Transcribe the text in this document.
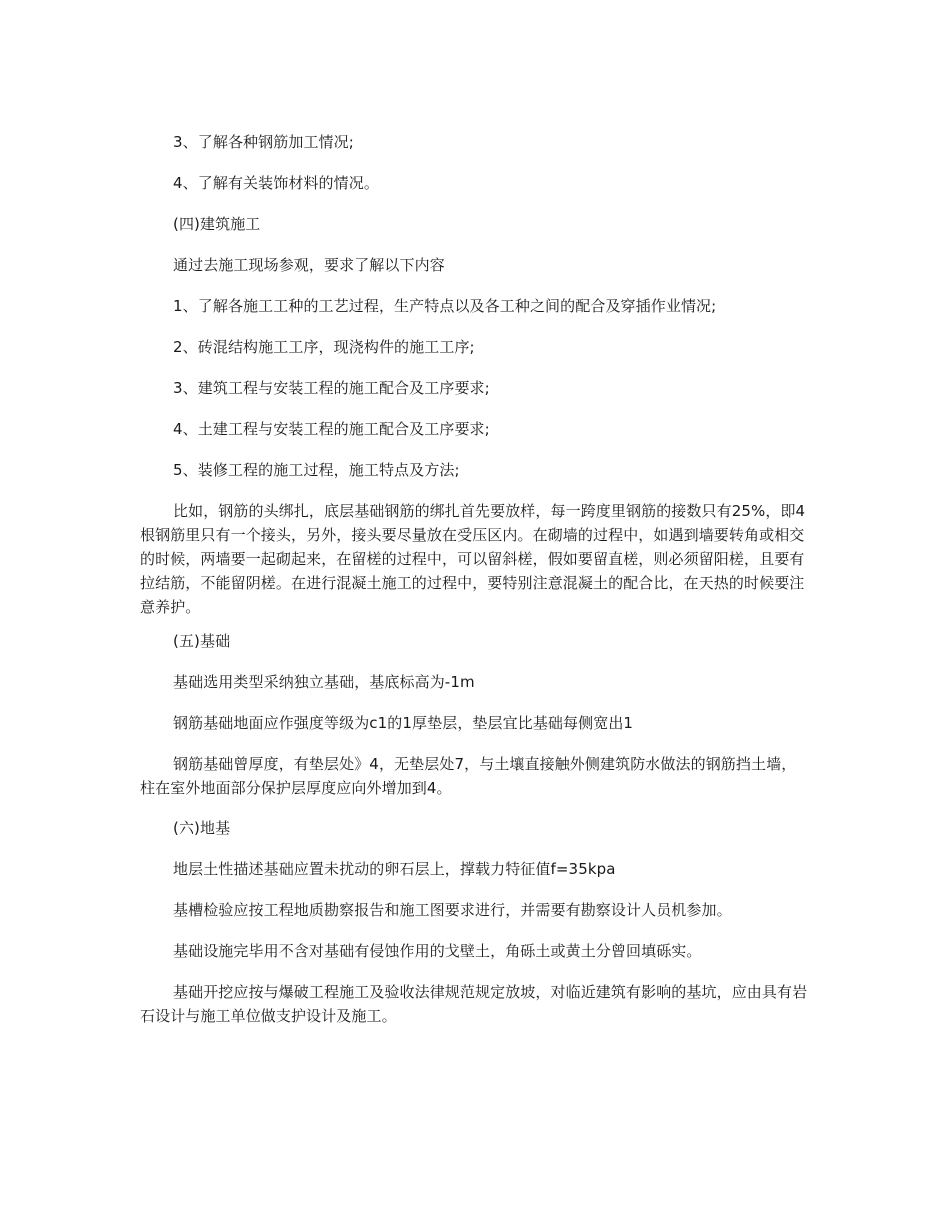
3、了解各种钢筋加工情况;

4、了解有关装饰材料的情况。

(四)建筑施工

通过去施工现场参观，要求了解以下内容

1、了解各施工工种的工艺过程，生产特点以及各工种之间的配合及穿插作业情况;

2、砖混结构施工工序，现浇构件的施工工序;

3、建筑工程与安装工程的施工配合及工序要求;

4、土建工程与安装工程的施工配合及工序要求;

5、装修工程的施工过程，施工特点及方法;

比如，钢筋的头绑扎，底层基础钢筋的绑扎首先要放样，每一跨度里钢筋的接数只有25%，即4根钢筋里只有一个接头，另外，接头要尽量放在受压区内。在砌墙的过程中，如遇到墙要转角或相交的时候，两墙要一起砌起来，在留槎的过程中，可以留斜槎，假如要留直槎，则必须留阳槎，且要有拉结筋，不能留阴槎。在进行混凝土施工的过程中，要特别注意混凝土的配合比，在天热的时候要注意养护。

(五)基础

基础选用类型采纳独立基础，基底标高为-1m

钢筋基础地面应作强度等级为c1的1厚垫层，垫层宜比基础每侧宽出1

钢筋基础曾厚度，有垫层处》4，无垫层处7，与土壤直接触外侧建筑防水做法的钢筋挡土墙，柱在室外地面部分保护层厚度应向外增加到4。

(六)地基

地层土性描述基础应置未扰动的卵石层上，撑载力特征值f=35kpa

基槽检验应按工程地质勘察报告和施工图要求进行，并需要有勘察设计人员机参加。

基础设施完毕用不含对基础有侵蚀作用的戈壁土，角砾土或黄土分曾回填砾实。

基础开挖应按与爆破工程施工及验收法律规范规定放坡，对临近建筑有影响的基坑，应由具有岩石设计与施工单位做支护设计及施工。
